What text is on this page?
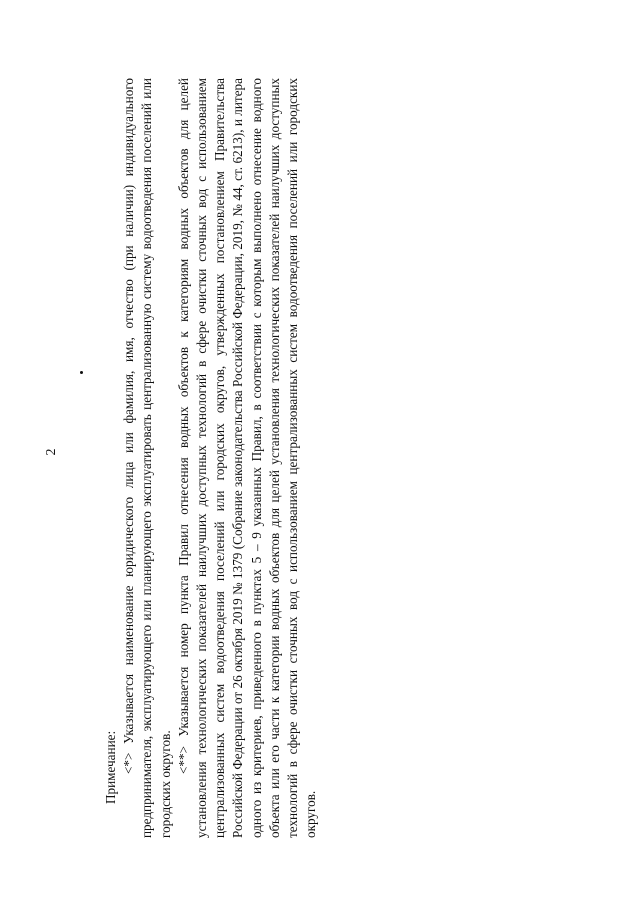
2

Примечание: <*> Указывается наименование юридического лица или фамилия, имя, отчество (при наличии) индивидуального предпринимателя, эксплуатирующего или планирующего эксплуатировать централизованную систему водоотведения поселений или городских округов.

<**> Указывается номер пункта Правил отнесения водных объектов к категориям водных объектов для целей установления технологических показателей наилучших доступных технологий в сфере очистки сточных вод с использованием централизованных систем водоотведения поселений или городских округов, утвержденных постановлением Правительства Российской Федерации от 26 октября 2019 № 1379 (Собрание законодательства Российской Федерации, 2019, № 44, ст. 6213), и литера одного из критериев, приведенного в пунктах 5 – 9 указанных Правил, в соответствии с которым выполнено отнесение водного объекта или его части к категории водных объектов для целей установления технологических показателей наилучших доступных технологий в сфере очистки сточных вод с использованием централизованных систем водоотведения поселений или городских округов.
